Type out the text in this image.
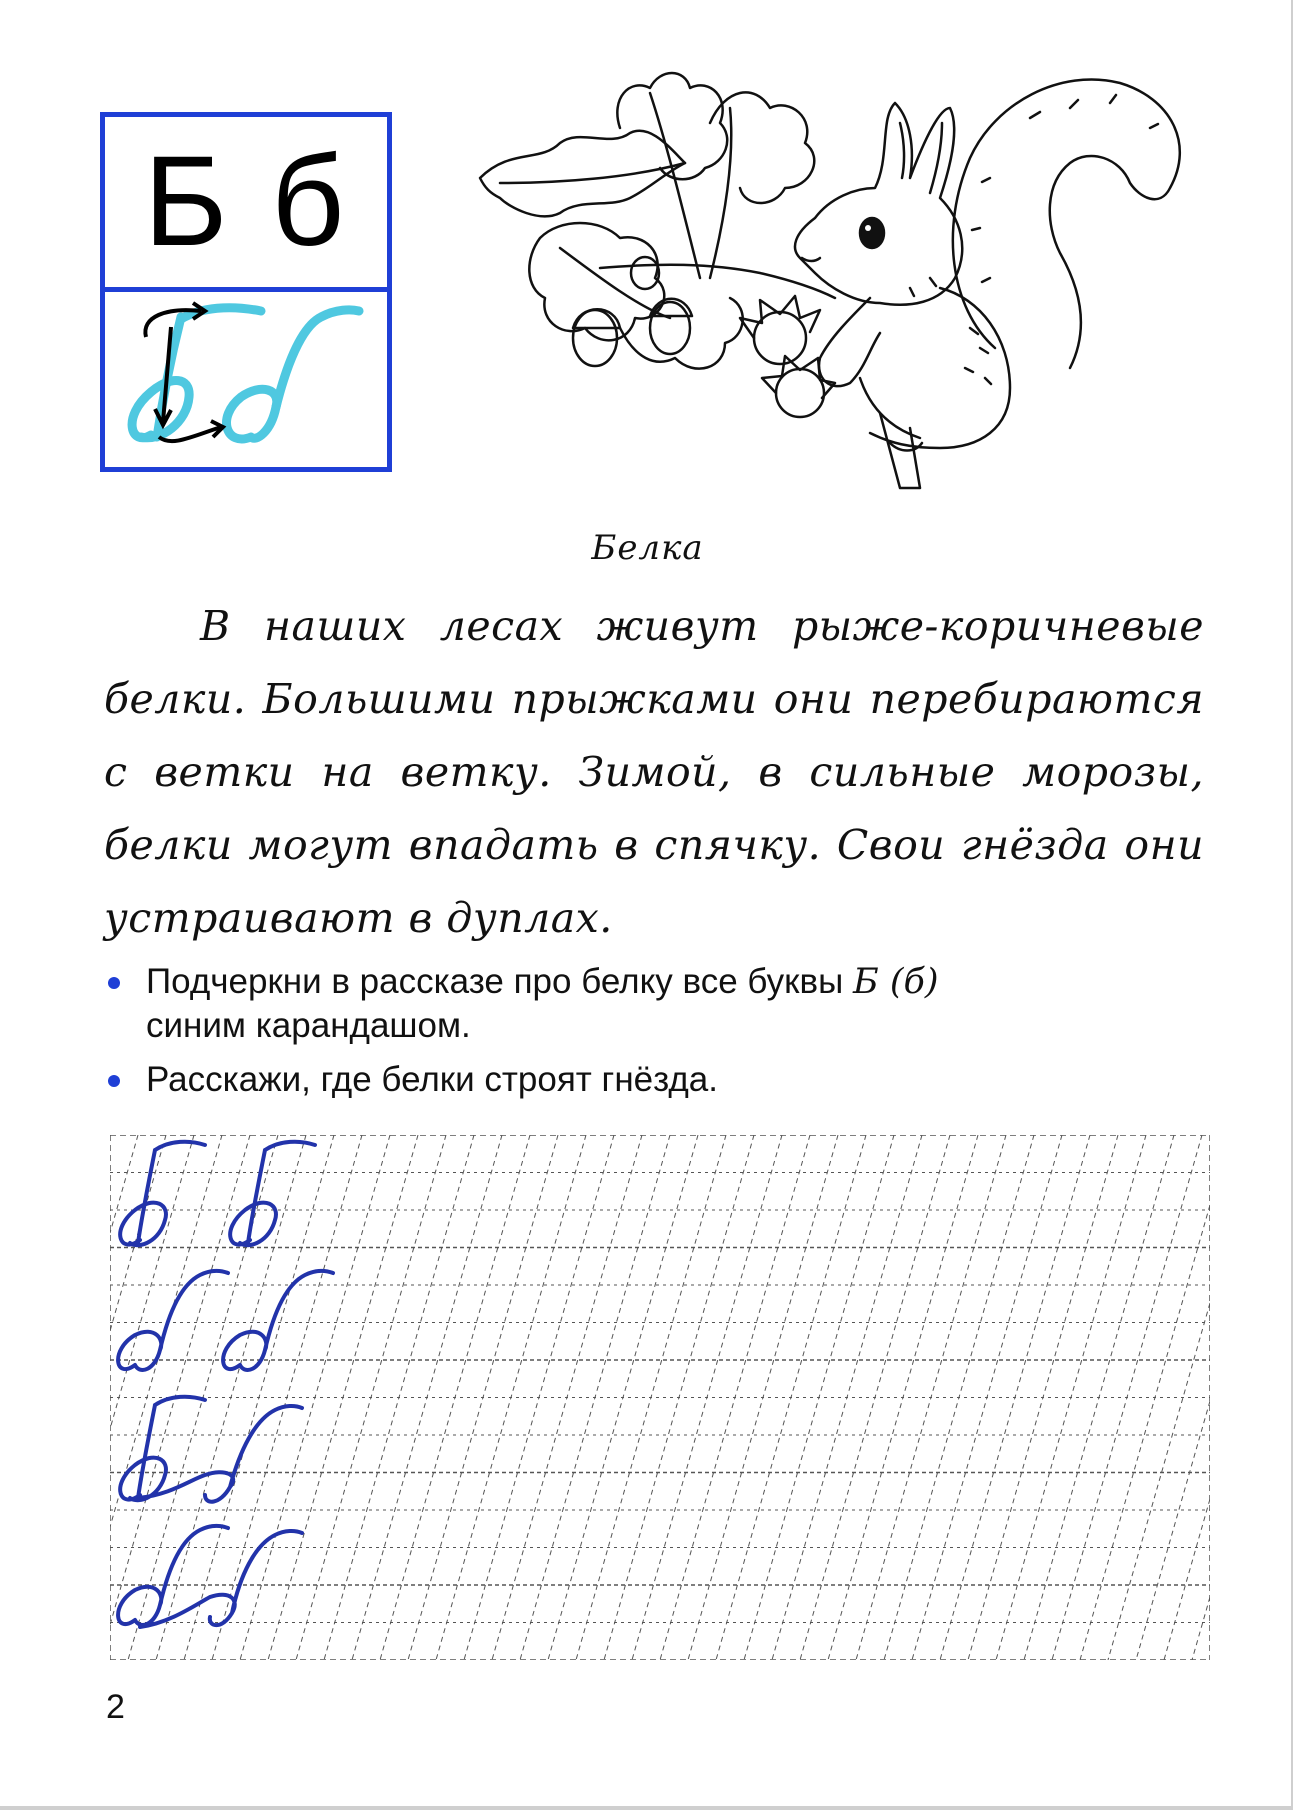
Б б
Белка
В наших лесах живут рыже-коричневые белки. Большими прыжками они перебираются с ветки на ветку. Зимой, в сильные морозы, белки могут впадать в спячку. Свои гнёзда они устраивают в дуплах.
Подчеркни в рассказе про белку все буквы Б (б)
синим карандашом.
Расскажи, где белки строят гнёзда.
2
